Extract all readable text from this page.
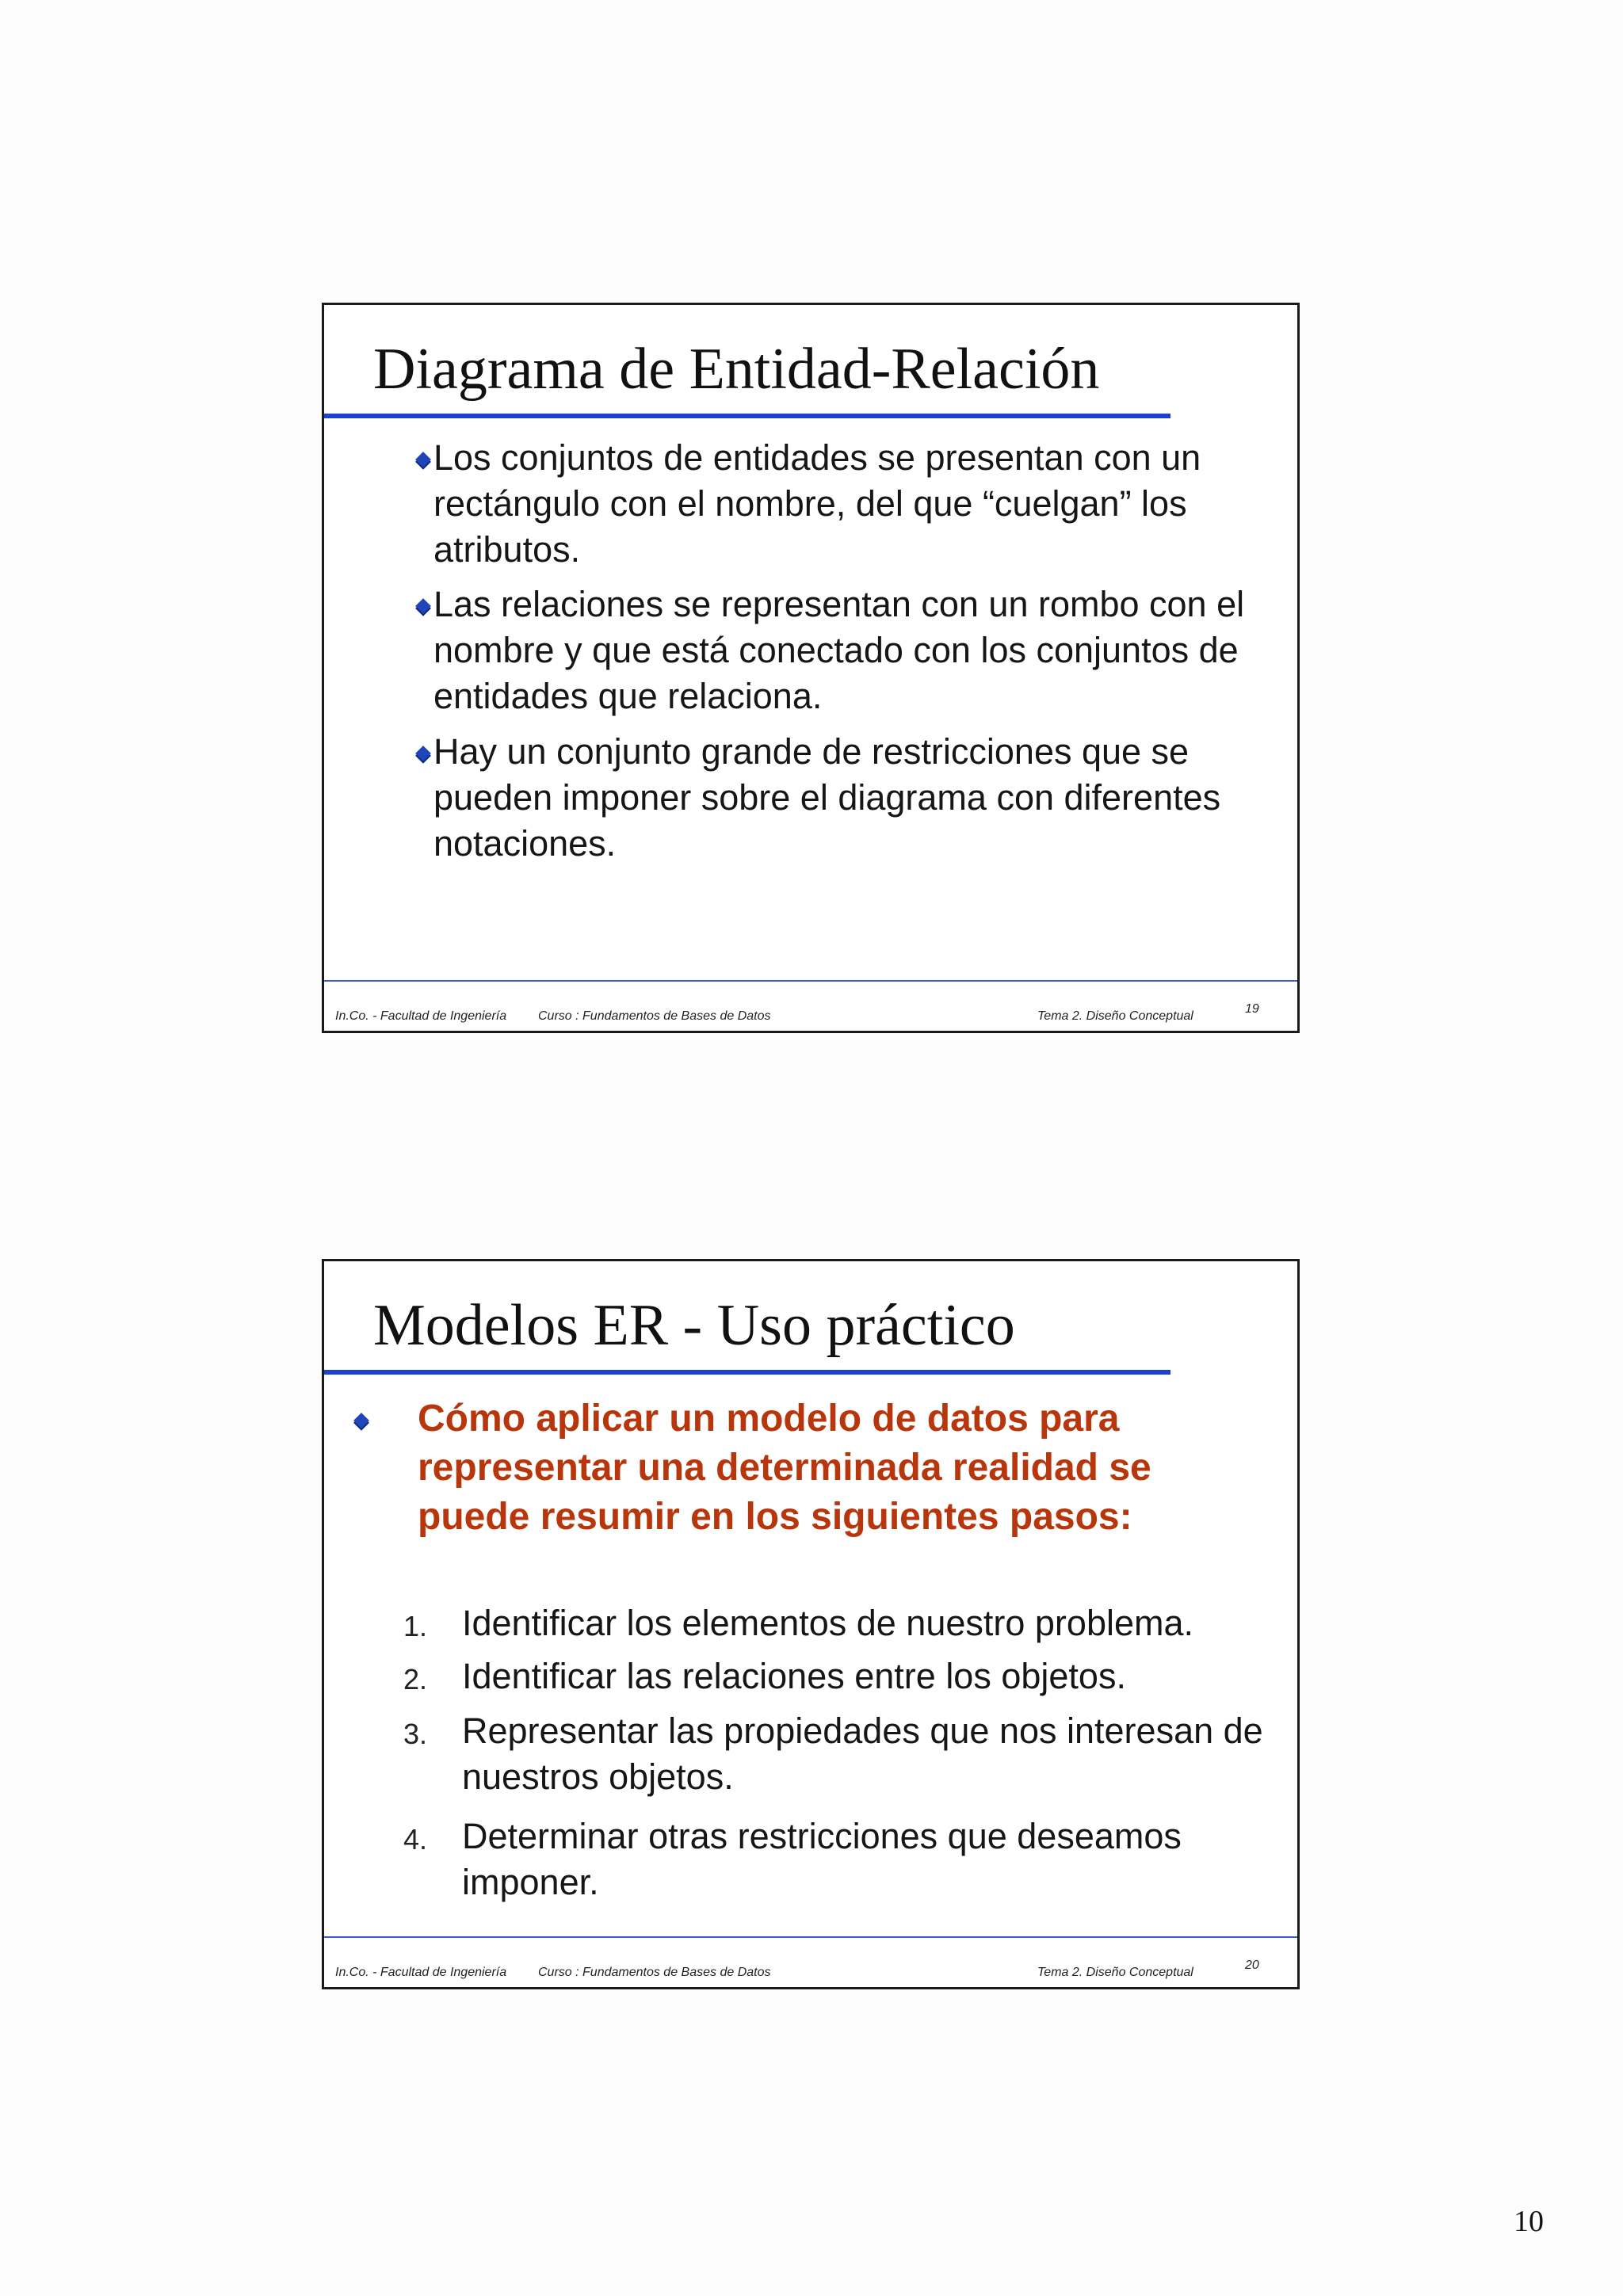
Diagrama de Entidad-Relación
Los conjuntos de entidades se presentan con un rectángulo con el nombre, del que “cuelgan” los atributos.
Las relaciones se representan con un rombo con el nombre y que está conectado con los conjuntos de entidades que relaciona.
Hay un conjunto grande de restricciones que se pueden imponer sobre el diagrama con diferentes notaciones.
In.Co. - Facultad de Ingeniería Curso : Fundamentos de Bases de Datos	Tema 2. Diseño Conceptual
19
Modelos ER - Uso práctico
Cómo aplicar un modelo de datos para representar una determinada realidad se puede resumir en los siguientes pasos:
1. Identificar los elementos de nuestro problema.
2. Identificar las relaciones entre los objetos.
3. Representar las propiedades que nos interesan de nuestros objetos.
4. Determinar otras restricciones que deseamos imponer.
In.Co. - Facultad de Ingeniería Curso : Fundamentos de Bases de Datos	Tema 2. Diseño Conceptual
20
10
